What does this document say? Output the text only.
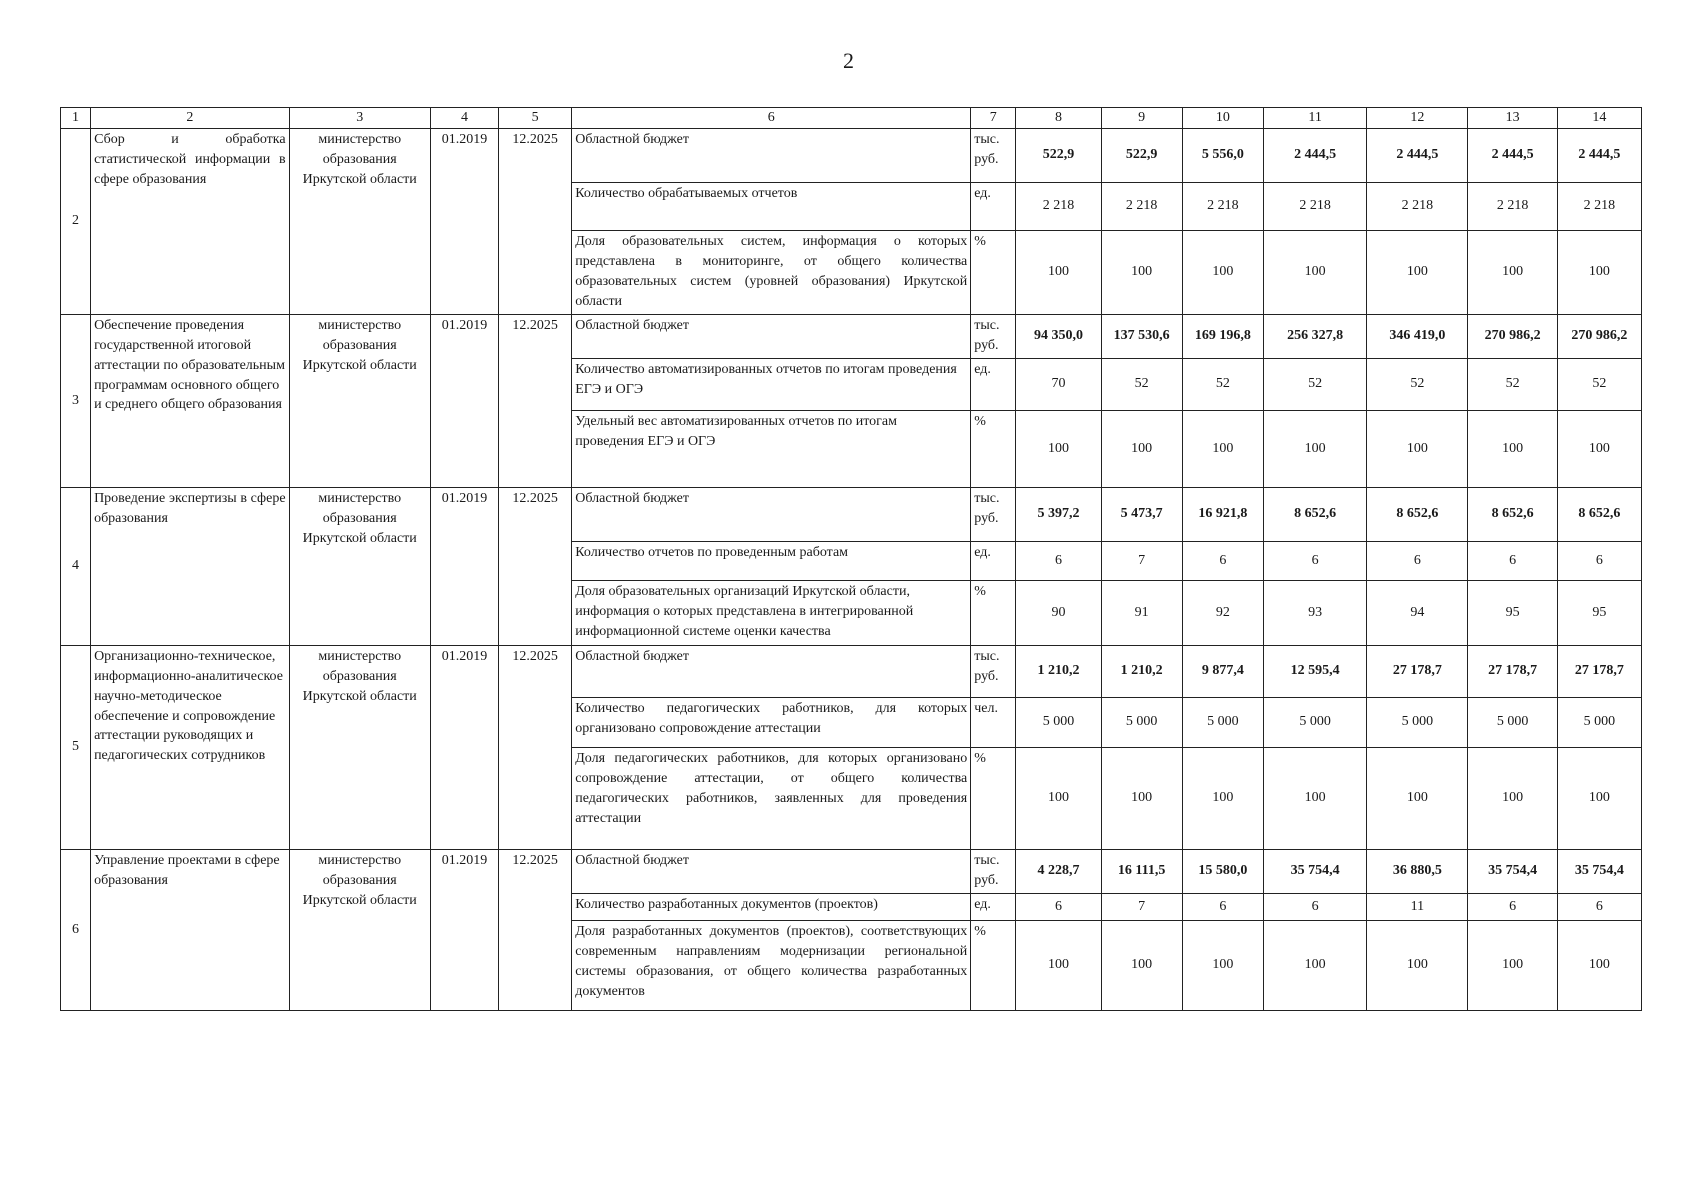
2
1	2	3	4	5	6	7	8	9	10	11	12	13	14
2	Сбор и обработка статистической информации в сфере образования	министерство образования Иркутской области	01.2019	12.2025	Областной бюджет	тыс. руб.	522,9	522,9	5 556,0	2 444,5	2 444,5	2 444,5	2 444,5
					Количество обрабатываемых отчетов	ед.	2 218	2 218	2 218	2 218	2 218	2 218	2 218
					Доля образовательных систем, информация о которых представлена в мониторинге, от общего количества образовательных систем (уровней образования) Иркутской области	%	100	100	100	100	100	100	100
3	Обеспечение проведения государственной итоговой аттестации по образовательным программам основного общего и среднего общего образования	министерство образования Иркутской области	01.2019	12.2025	Областной бюджет	тыс. руб.	94 350,0	137 530,6	169 196,8	256 327,8	346 419,0	270 986,2	270 986,2
					Количество автоматизированных отчетов по итогам проведения ЕГЭ и ОГЭ	ед.	70	52	52	52	52	52	52
					Удельный вес автоматизированных отчетов по итогам проведения ЕГЭ и ОГЭ	%	100	100	100	100	100	100	100
4	Проведение экспертизы в сфере образования	министерство образования Иркутской области	01.2019	12.2025	Областной бюджет	тыс. руб.	5 397,2	5 473,7	16 921,8	8 652,6	8 652,6	8 652,6	8 652,6
					Количество отчетов по проведенным работам	ед.	6	7	6	6	6	6	6
					Доля образовательных организаций Иркутской области, информация о которых представлена в интегрированной информационной системе оценки качества	%	90	91	92	93	94	95	95
5	Организационно-техническое, информационно-аналитическое научно-методическое обеспечение и сопровождение аттестации руководящих и педагогических сотрудников	министерство образования Иркутской области	01.2019	12.2025	Областной бюджет	тыс. руб.	1 210,2	1 210,2	9 877,4	12 595,4	27 178,7	27 178,7	27 178,7
					Количество педагогических работников, для которых организовано сопровождение аттестации	чел.	5 000	5 000	5 000	5 000	5 000	5 000	5 000
					Доля педагогических работников, для которых организовано сопровождение аттестации, от общего количества педагогических работников, заявленных для проведения аттестации	%	100	100	100	100	100	100	100
6	Управление проектами в сфере образования	министерство образования Иркутской области	01.2019	12.2025	Областной бюджет	тыс. руб.	4 228,7	16 111,5	15 580,0	35 754,4	36 880,5	35 754,4	35 754,4
					Количество разработанных документов (проектов)	ед.	6	7	6	6	11	6	6
					Доля разработанных документов (проектов), соответствующих современным направлениям модернизации региональной системы образования, от общего количества разработанных документов	%	100	100	100	100	100	100	100
